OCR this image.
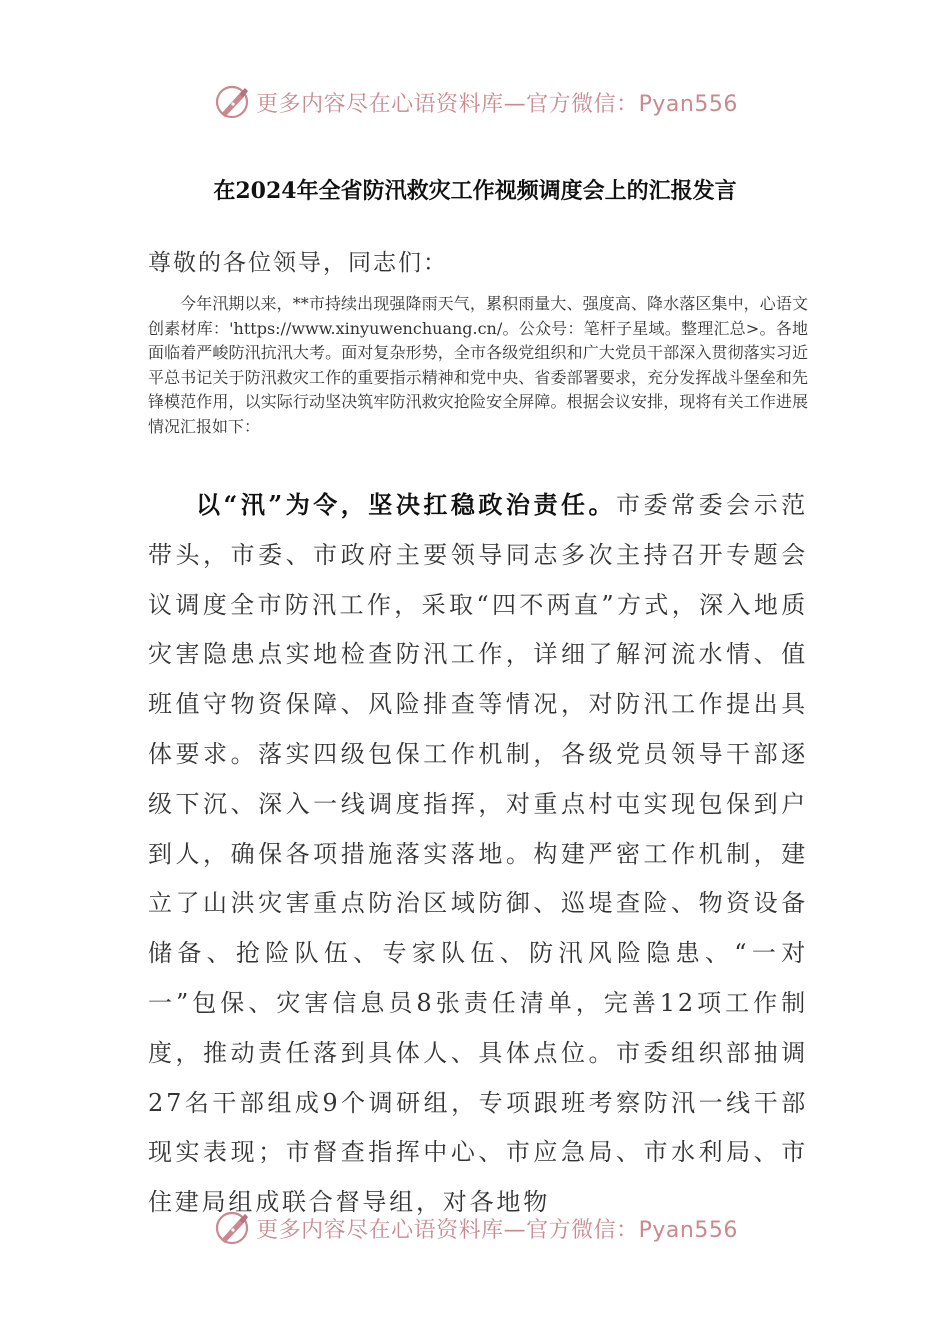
更多内容尽在心语资料库—官方微信：Pyan556
在2024年全省防汛救灾工作视频调度会上的汇报发言
尊敬的各位领导，同志们：

今年汛期以来，**市持续出现强降雨天气，累积雨量大、强度高、降水落区集中，心语文创素材库：'https://www.xinyuwenchuang.cn/。公众号：笔杆子星域。整理汇总>。各地面临着严峻防汛抗汛大考。面对复杂形势，全市各级党组织和广大党员干部深入贯彻落实习近平总书记关于防汛救灾工作的重要指示精神和党中央、省委部署要求，充分发挥战斗堡垒和先锋模范作用，以实际行动坚决筑牢防汛救灾抢险安全屏障。根据会议安排，现将有关工作进展情况汇报如下：

以“汛”为令，坚决扛稳政治责任。市委常委会示范带头，市委、市政府主要领导同志多次主持召开专题会议调度全市防汛工作，采取“四不两直”方式，深入地质灾害隐患点实地检查防汛工作，详细了解河流水情、值班值守物资保障、风险排查等情况，对防汛工作提出具体要求。落实四级包保工作机制，各级党员领导干部逐级下沉、深入一线调度指挥，对重点村屯实现包保到户到人，确保各项措施落实落地。构建严密工作机制，建立了山洪灾害重点防治区域防御、巡堤查险、物资设备储备、抢险队伍、专家队伍、防汛风险隐患、“一对一”包保、灾害信息员8张责任清单，完善12项工作制度，推动责任落到具体人、具体点位。市委组织部抽调27名干部组成9个调研组，专项跟班考察防汛一线干部现实表现；市督查指挥中心、市应急局、市水利局、市住建局组成联合督导组，对各地物

更多内容尽在心语资料库—官方微信：Pyan556
